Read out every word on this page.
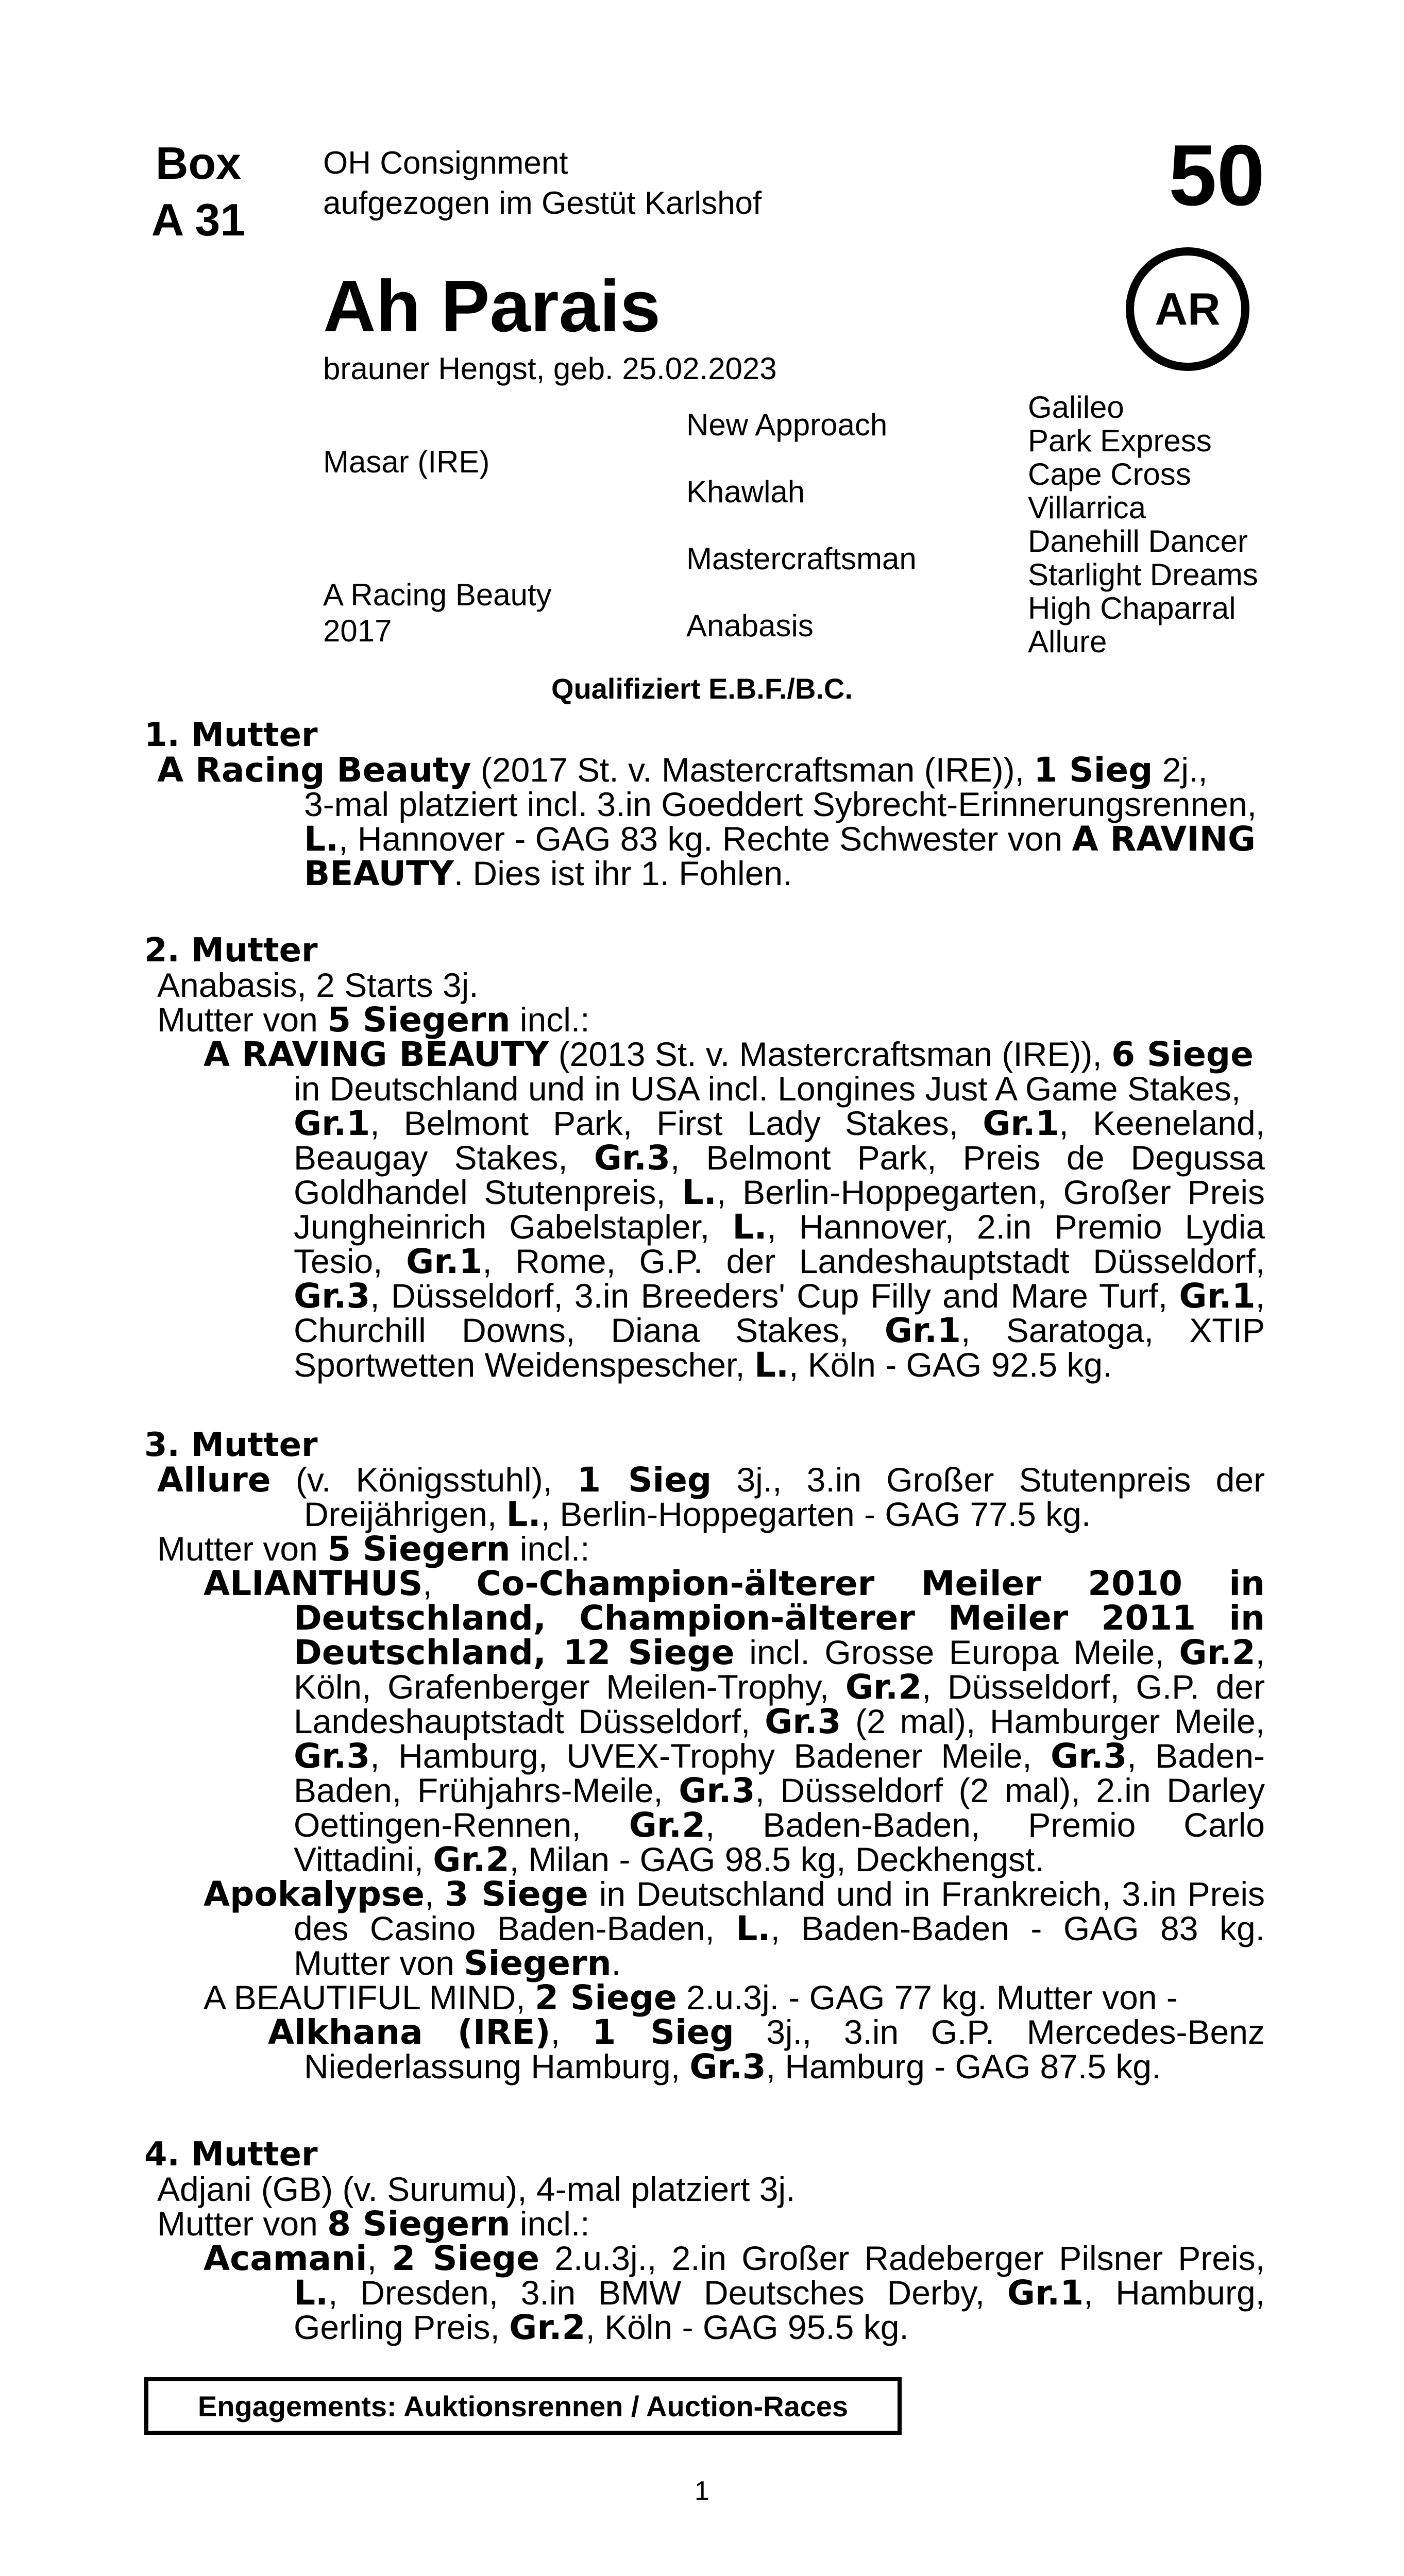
Box
A 31
OH Consignment
aufgezogen im Gestüt Karlshof	50
Ah Parais	AR
brauner Hengst, geb. 25.02.2023
Masar (IRE)
A Racing Beauty
2017
New Approach
Khawlah
Mastercraftsman
Anabasis
Galileo
Park Express
Cape Cross
Villarrica
Danehill Dancer
Starlight Dreams
High Chaparral
Allure
Qualifiziert E.B.F./B.C.
1. Mutter
A Racing Beauty (2017 St. v. Mastercraftsman (IRE)), 1 Sieg 2j.,
3-mal platziert incl. 3.in Goeddert Sybrecht-Erinnerungsrennen,
L., Hannover - GAG 83 kg. Rechte Schwester von A RAVING
BEAUTY. Dies ist ihr 1. Fohlen.
2. Mutter
Anabasis, 2 Starts 3j.
Mutter von 5 Siegern incl.:
A RAVING BEAUTY (2013 St. v. Mastercraftsman (IRE)), 6 Siege
in Deutschland und in USA incl. Longines Just A Game Stakes,
Gr.1, Belmont Park, First Lady Stakes, Gr.1, Keeneland,
Beaugay Stakes, Gr.3, Belmont Park, Preis de Degussa
Goldhandel Stutenpreis, L., Berlin-Hoppegarten, Großer Preis
Jungheinrich Gabelstapler, L., Hannover, 2.in Premio Lydia
Tesio, Gr.1, Rome, G.P. der Landeshauptstadt Düsseldorf,
Gr.3, Düsseldorf, 3.in Breeders' Cup Filly and Mare Turf, Gr.1,
Churchill Downs, Diana Stakes, Gr.1, Saratoga, XTIP
Sportwetten Weidenspescher, L., Köln - GAG 92.5 kg.
3. Mutter
Allure (v. Königsstuhl), 1 Sieg 3j., 3.in Großer Stutenpreis der
Dreijährigen, L., Berlin-Hoppegarten - GAG 77.5 kg.
Mutter von 5 Siegern incl.:
ALIANTHUS, Co-Champion-älterer Meiler 2010 in
Deutschland, Champion-älterer Meiler 2011 in
Deutschland, 12 Siege incl. Grosse Europa Meile, Gr.2,
Köln, Grafenberger Meilen-Trophy, Gr.2, Düsseldorf, G.P. der
Landeshauptstadt Düsseldorf, Gr.3 (2 mal), Hamburger Meile,
Gr.3, Hamburg, UVEX-Trophy Badener Meile, Gr.3, Baden-
Baden, Frühjahrs-Meile, Gr.3, Düsseldorf (2 mal), 2.in Darley
Oettingen-Rennen, Gr.2, Baden-Baden, Premio Carlo
Vittadini, Gr.2, Milan - GAG 98.5 kg, Deckhengst.
Apokalypse, 3 Siege in Deutschland und in Frankreich, 3.in Preis
des Casino Baden-Baden, L., Baden-Baden - GAG 83 kg.
Mutter von Siegern.
A BEAUTIFUL MIND, 2 Siege 2.u.3j. - GAG 77 kg. Mutter von -
Alkhana (IRE), 1 Sieg 3j., 3.in G.P. Mercedes-Benz
Niederlassung Hamburg, Gr.3, Hamburg - GAG 87.5 kg.
4. Mutter
Adjani (GB) (v. Surumu), 4-mal platziert 3j.
Mutter von 8 Siegern incl.:
Acamani, 2 Siege 2.u.3j., 2.in Großer Radeberger Pilsner Preis,
L., Dresden, 3.in BMW Deutsches Derby, Gr.1, Hamburg,
Gerling Preis, Gr.2, Köln - GAG 95.5 kg.
Engagements: Auktionsrennen / Auction-Races
1
